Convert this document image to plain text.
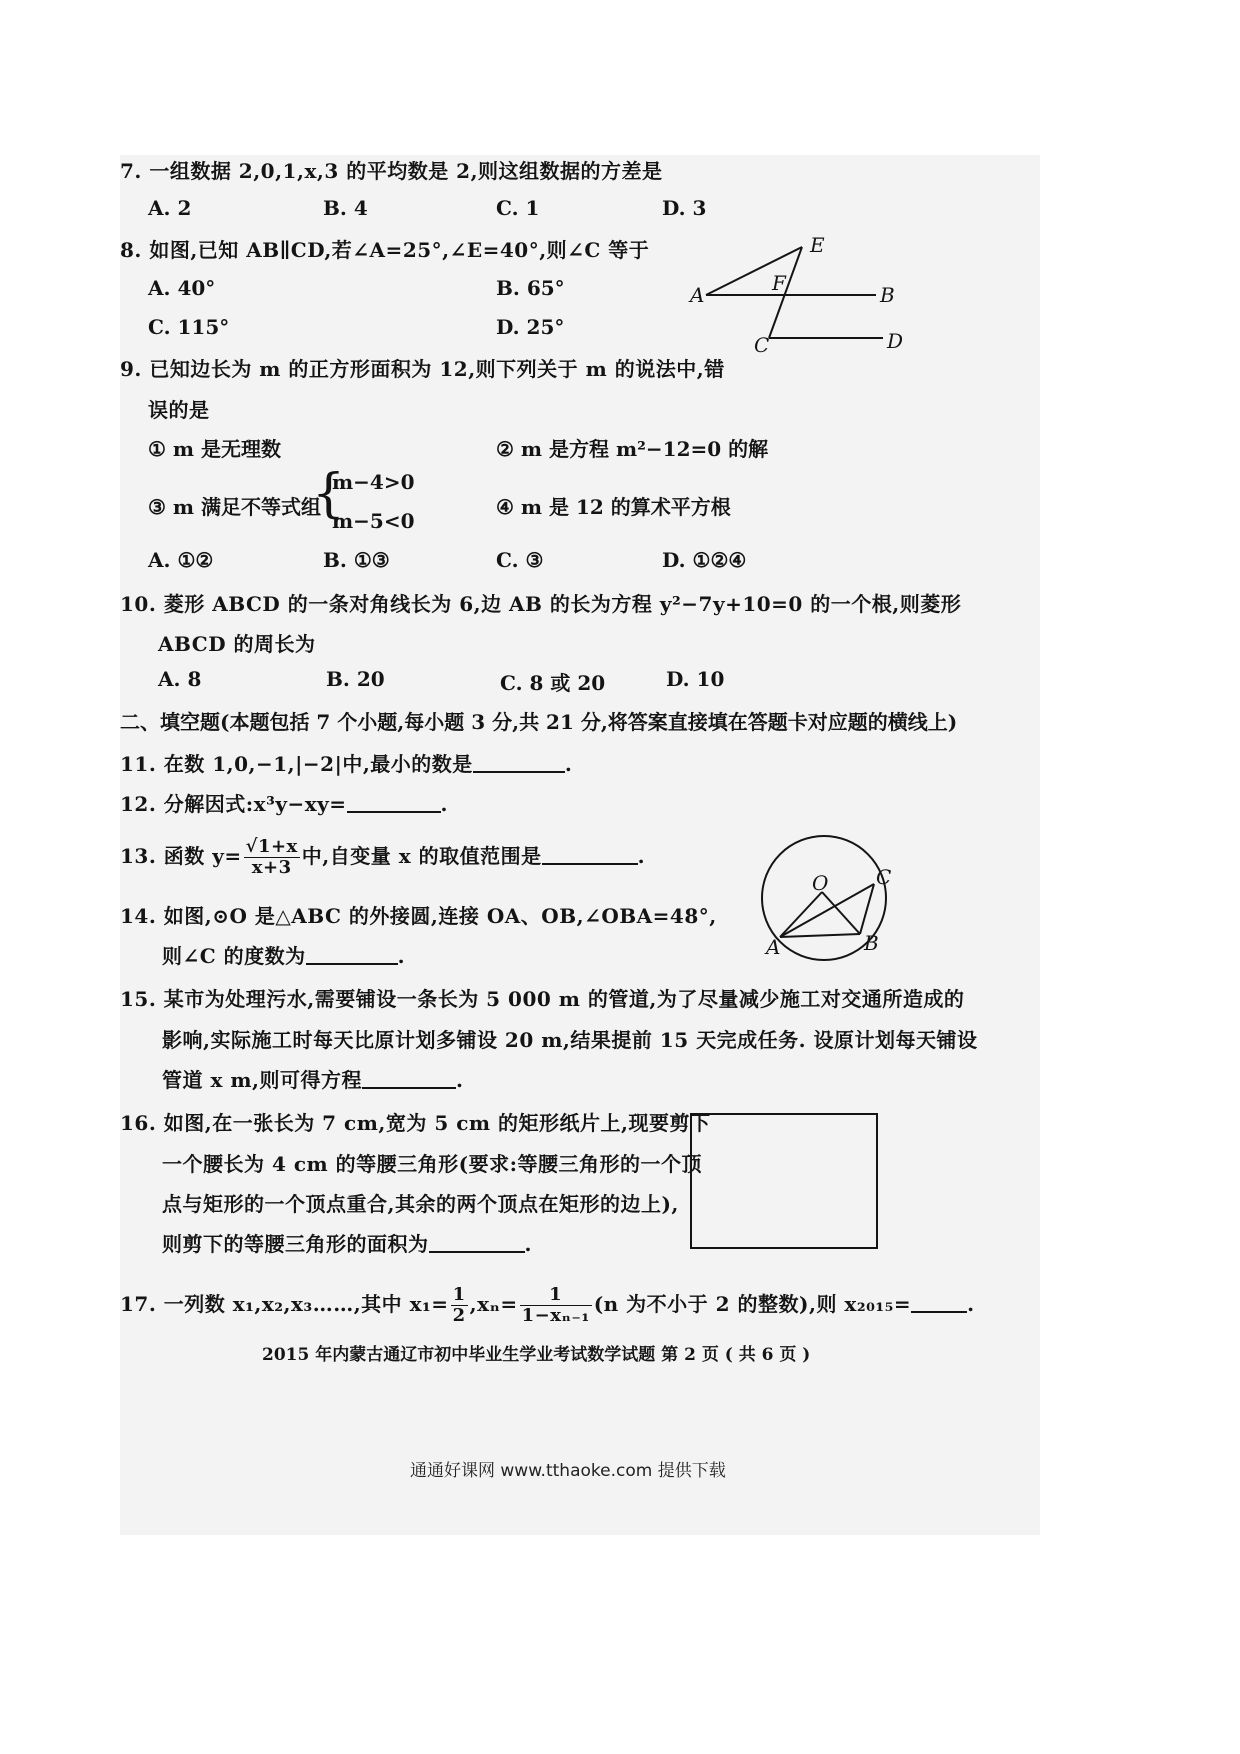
7. 一组数据 2,0,1,x,3 的平均数是 2,则这组数据的方差是
A. 2	B. 4	C. 1	D. 3
8. 如图,已知 AB∥CD,若∠A=25°,∠E=40°,则∠C 等于
A. 40°	B. 65°
C. 115°	D. 25°
E
A	F	B
C	D
9. 已知边长为 m 的正方形面积为 12,则下列关于 m 的说法中,错
误的是
① m 是无理数	② m 是方程 m²−12=0 的解
③ m 满足不等式组
{
m−4>0
m−5<0
④ m 是 12 的算术平方根
A. ①②	B. ①③	C. ③	D. ①②④
10. 菱形 ABCD 的一条对角线长为 6,边 AB 的长为方程 y²−7y+10=0 的一个根,则菱形
ABCD 的周长为
A. 8	B. 20	C. 8 或 20	D. 10
二、填空题(本题包括 7 个小题,每小题 3 分,共 21 分,将答案直接填在答题卡对应题的横线上)
11. 在数 1,0,−1,|−2|中,最小的数是	.
12. 分解因式:x³y−xy=	.
13. 函数 $y= \frac{√1+x}{x+3}$ 中,自变量 x 的取值范围是	.
14. 如图,⊙O 是△ABC 的外接圆,连接 OA、OB,∠OBA=48°,
则∠C 的度数为	.
O C
A	B
15. 某市为处理污水,需要铺设一条长为 5 000 m 的管道,为了尽量减少施工对交通所造成的
影响,实际施工时每天比原计划多铺设 20 m,结果提前 15 天完成任务. 设原计划每天铺设
管道 x m,则可得方程	.
16. 如图,在一张长为 7 cm,宽为 5 cm 的矩形纸片上,现要剪下
一个腰长为 4 cm 的等腰三角形(要求:等腰三角形的一个顶
点与矩形的一个顶点重合,其余的两个顶点在矩形的边上),
则剪下的等腰三角形的面积为	.
17. 一列数 x₁,x₂,x₃……,其中 $x_1= \frac{1}{2} ,x_n= \frac{1}{\text{1−xₙ₋₁}} (n$ 为不小于 2 的整数),则 x₂₀₁₅=	.
2015 年内蒙古通辽市初中毕业生学业考试数学试题 第 2 页 ( 共 6 页 )
通通好课网 www.tthaoke.com 提供下载
